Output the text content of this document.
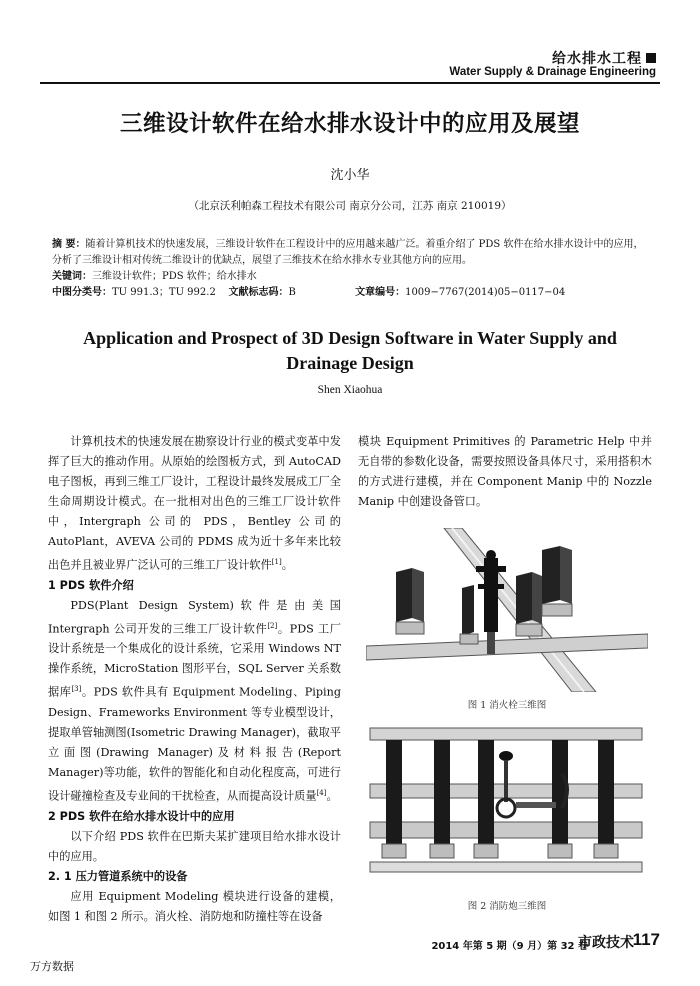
给水排水工程
Water Supply & Drainage Engineering
三维设计软件在给水排水设计中的应用及展望
沈小华
（北京沃利帕森工程技术有限公司 南京分公司，江苏 南京 210019）
摘 要：随着计算机技术的快速发展，三维设计软件在工程设计中的应用越来越广泛。着重介绍了 PDS 软件在给水排水设计中的应用，分析了三维设计相对传统二维设计的优缺点，展望了三维技术在给水排水专业其他方向的应用。
关键词：三维设计软件；PDS 软件；给水排水
中图分类号：TU 991.3；TU 992.2 文献标志码：B	文章编号：1009−7767(2014)05−0117−04
Application and Prospect of 3D Design Software in Water Supply and Drainage Design
Shen Xiaohua

计算机技术的快速发展在勘察设计行业的模式变革中发挥了巨大的推动作用。从原始的绘图板方式，到 AutoCAD 电子图板，再到三维工厂设计，工程设计最终发展成工厂全生命周期设计模式。在一批相对出色的三维工厂设计软件中，Intergraph 公司的 PDS，Bentley 公司的 AutoPlant，AVEVA 公司的 PDMS 成为近十多年来比较出色并且被业界广泛认可的三维工厂设计软件[1]。

1 PDS 软件介绍

PDS(Plant Design System)软件是由美国 Intergraph 公司开发的三维工厂设计软件[2]。PDS 工厂设计系统是一个集成化的设计系统，它采用 Windows NT 操作系统，MicroStation 图形平台，SQL Server 关系数据库[3]。PDS 软件具有 Equipment Modeling、Piping Design、Frameworks Environment 等专业模型设计，提取单管轴测图(Isometric Drawing Manager)，截取平立面图(Drawing Manager)及材料报告(Report Manager)等功能，软件的智能化和自动化程度高，可进行设计碰撞检查及专业间的干扰检查，从而提高设计质量[4]。

2 PDS 软件在给水排水设计中的应用

以下介绍 PDS 软件在巴斯夫某扩建项目给水排水设计中的应用。

2. 1 压力管道系统中的设备

应用 Equipment Modeling 模块进行设备的建模，如图 1 和图 2 所示。消火栓、消防炮和防撞柱等在设备

模块 Equipment Primitives 的 Parametric Help 中并无自带的参数化设备，需要按照设备具体尺寸，采用搭积木的方式进行建模，并在 Component Manip 中的 Nozzle Manip 中创建设备管口。

图 1 消火栓三维图
图 2 消防炮三维图
2014 年第 5 期（9 月）第 32 卷
市政技术
117
万方数据
